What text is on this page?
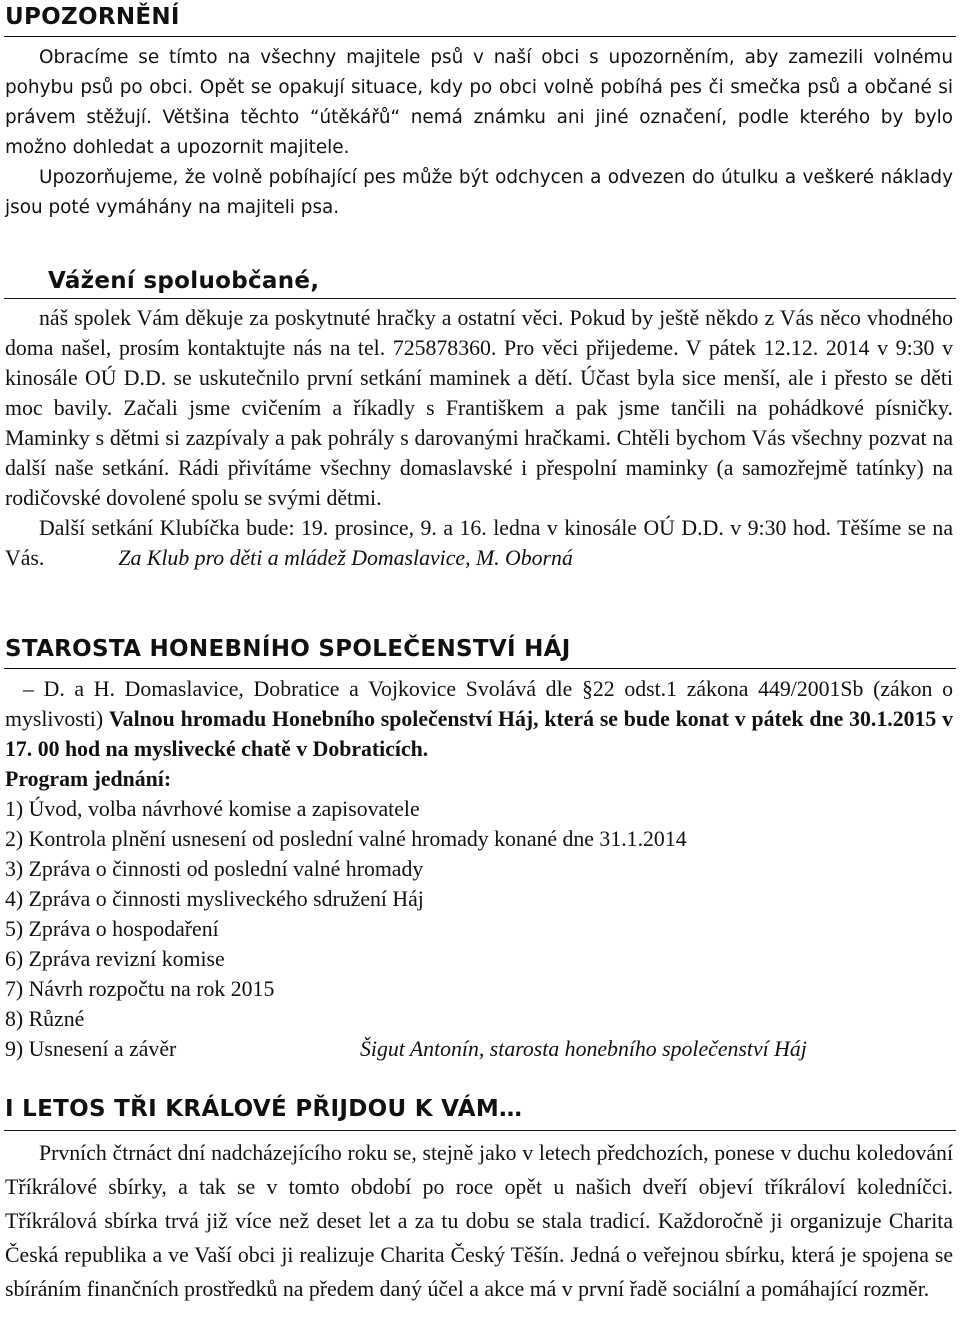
UPOZORNĚNÍ

Obracíme se tímto na všechny majitele psů v naší obci s upozorněním, aby zamezili volnému pohybu psů po obci. Opět se opakují situace, kdy po obci volně pobíhá pes či smečka psů a občané si právem stěžují. Většina těchto “útěkářů“ nemá známku ani jiné označení, podle kterého by bylo možno dohledat a upozornit majitele.

Upozorňujeme, že volně pobíhající pes může být odchycen a odvezen do útulku a veškeré náklady jsou poté vymáhány na majiteli psa.

Vážení spoluobčané,

náš spolek Vám děkuje za poskytnuté hračky a ostatní věci. Pokud by ještě někdo z Vás něco vhodného doma našel, prosím kontaktujte nás na tel. 725878360. Pro věci přijedeme. V pátek 12.12. 2014 v 9:30 v kinosále OÚ D.D. se uskutečnilo první setkání maminek a dětí. Účast byla sice menší, ale i přesto se děti moc bavily. Začali jsme cvičením a říkadly s Františkem a pak jsme tančili na pohádkové písničky. Maminky s dětmi si zazpívaly a pak pohrály s darovanými hračkami. Chtěli bychom Vás všechny pozvat na další naše setkání. Rádi přivítáme všechny domaslavské i přespolní maminky (a samozřejmě tatínky) na rodičovské dovolené spolu se svými dětmi.

Další setkání Klubíčka bude: 19. prosince, 9. a 16. ledna v kinosále OÚ D.D. v 9:30 hod. Těšíme se na Vás.	Za Klub pro děti a mládež Domaslavice, M. Oborná

STAROSTA HONEBNÍHO SPOLEČENSTVÍ HÁJ

– D. a H. Domaslavice, Dobratice a Vojkovice Svolává dle §22 odst.1 zákona 449/2001Sb (zákon o myslivosti) Valnou hromadu Honebního společenství Háj, která se bude konat v pátek dne 30.1.2015 v 17. 00 hod na myslivecké chatě v Dobraticích.

Program jednání:
1) Úvod, volba návrhové komise a zapisovatele
2) Kontrola plnění usnesení od poslední valné hromady konané dne 31.1.2014
3) Zpráva o činnosti od poslední valné hromady
4) Zpráva o činnosti mysliveckého sdružení Háj
5) Zpráva o hospodaření
6) Zpráva revizní komise
7) Návrh rozpočtu na rok 2015
8) Různé
9) Usnesení a závěr	Šigut Antonín, starosta honebního společenství Háj
I LETOS TŘI KRÁLOVÉ PŘIJDOU K VÁM…

Prvních čtrnáct dní nadcházejícího roku se, stejně jako v letech předchozích, ponese v duchu koledování Tříkrálové sbírky, a tak se v tomto období po roce opět u našich dveří objeví tříkráloví koledníčci. Tříkrálová sbírka trvá již více než deset let a za tu dobu se stala tradicí. Každoročně ji organizuje Charita Česká republika a ve Vaší obci ji realizuje Charita Český Těšín. Jedná o veřejnou sbírku, která je spojena se sbíráním finančních prostředků na předem daný účel a akce má v první řadě sociální a pomáhající rozměr.
